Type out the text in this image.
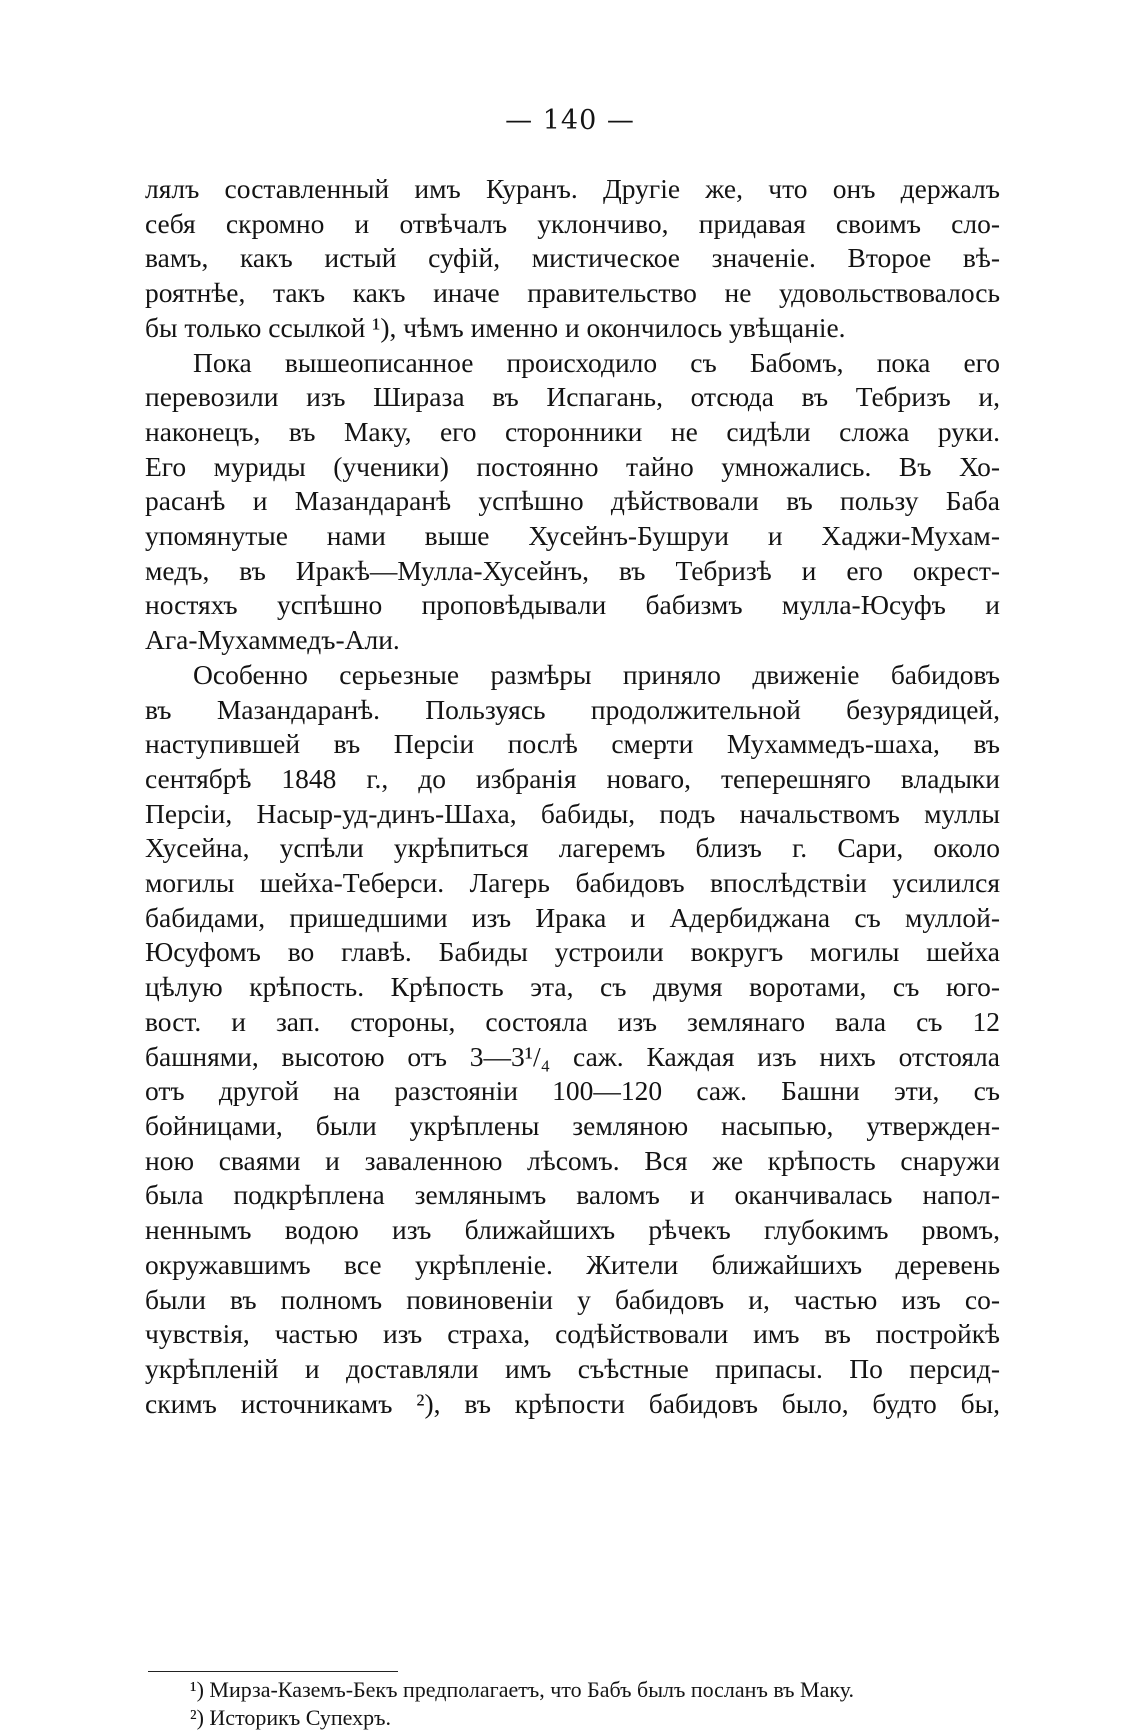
— 140 —

лялъ составленный имъ Куранъ. Другіе же, что онъ держалъ
себя скромно и отвѣчалъ уклончиво, придавая своимъ сло-
вамъ, какъ истый суфій, мистическое значеніе. Второе вѣ-
роятнѣе, такъ какъ иначе правительство не удовольствовалось
бы только ссылкой ¹), чѣмъ именно и окончилось увѣщаніе.

Пока вышеописанное происходило съ Бабомъ, пока его
перевозили изъ Шираза въ Испагань, отсюда въ Тебризъ и,
наконецъ, въ Маку, его сторонники не сидѣли сложа руки.
Его муриды (ученики) постоянно тайно умножались. Въ Хо-
расанѣ и Мазандаранѣ успѣшно дѣйствовали въ пользу Баба
упомянутые нами выше Хусейнъ-Бушруи и Хаджи-Мухам-
медъ, въ Иракѣ—Мулла-Хусейнъ, въ Тебризѣ и его окрест-
ностяхъ успѣшно проповѣдывали бабизмъ мулла-Юсуфъ и
Ага-Мухаммедъ-Али.

Особенно серьезные размѣры приняло движеніе бабидовъ
въ Мазандаранѣ. Пользуясь продолжительной безурядицей,
наступившей въ Персіи послѣ смерти Мухаммедъ-шаха, въ
сентябрѣ 1848 г., до избранія новаго, теперешняго владыки
Персіи, Насыр-уд-динъ-Шаха, бабиды, подъ начальствомъ муллы
Хусейна, успѣли укрѣпиться лагеремъ близъ г. Сари, около
могилы шейха-Теберси. Лагерь бабидовъ впослѣдствіи усилился
бабидами, пришедшими изъ Ирака и Адербиджана съ муллой-
Юсуфомъ во главѣ. Бабиды устроили вокругъ могилы шейха
цѣлую крѣпость. Крѣпость эта, съ двумя воротами, съ юго-
вост. и зап. стороны, состояла изъ землянаго вала съ 12
башнями, высотою отъ 3—3¹/₄ саж. Каждая изъ нихъ отстояла
отъ другой на разстояніи 100—120 саж. Башни эти, съ
бойницами, были укрѣплены земляною насыпью, утвержден-
ною сваями и заваленною лѣсомъ. Вся же крѣпость снаружи
была подкрѣплена землянымъ валомъ и оканчивалась напол-
неннымъ водою изъ ближайшихъ рѣчекъ глубокимъ рвомъ,
окружавшимъ все укрѣпленіе. Жители ближайшихъ деревень
были въ полномъ повиновеніи у бабидовъ и, частью изъ со-
чувствія, частью изъ страха, содѣйствовали имъ въ постройкѣ
укрѣпленій и доставляли имъ съѣстные припасы. По персид-
скимъ источникамъ ²), въ крѣпости бабидовъ было, будто бы,

¹) Мирза-Каземъ-Бекъ предполагаетъ, что Бабъ былъ посланъ въ Маку.
²) Историкъ Супехръ.
